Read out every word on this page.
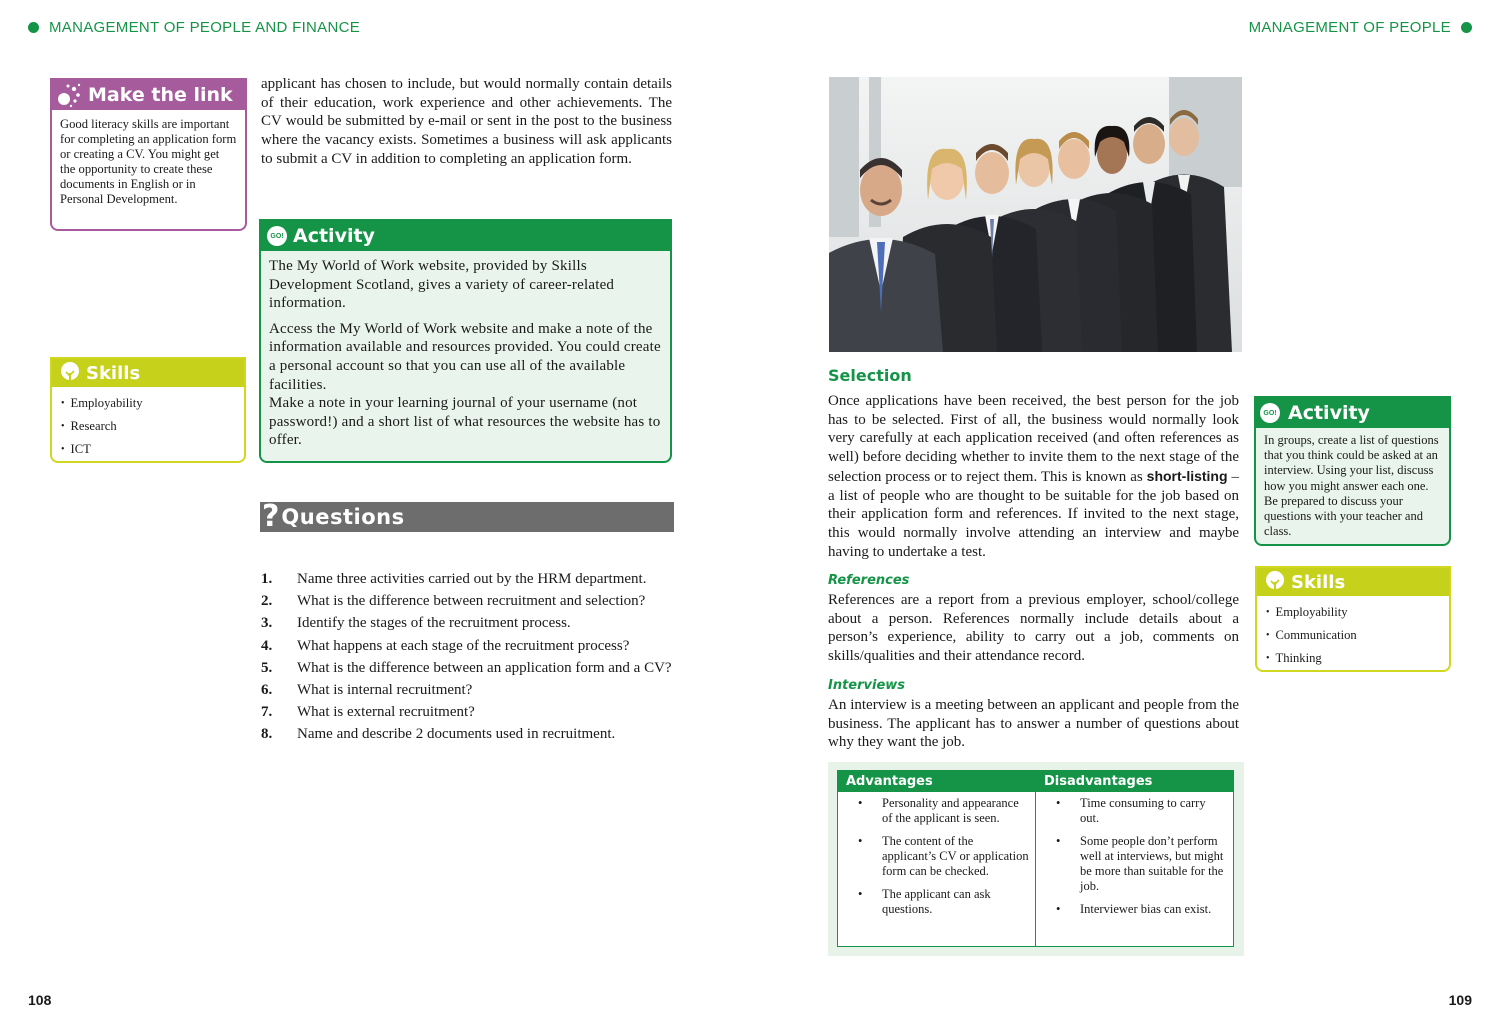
MANAGEMENT OF PEOPLE AND FINANCE	MANAGEMENT OF PEOPLE
Make the link
Good literacy skills are important for completing an application form or creating a CV. You might get the opportunity to create these documents in English or in Personal Development.
Skills
• Employability
• Research
• ICT

applicant has chosen to include, but would normally contain details of their education, work experience and other achievements. The CV would be submitted by e-mail or sent in the post to the business where the vacancy exists. Sometimes a business will ask applicants to submit a CV in addition to completing an application form.

GO! Activity

The My World of Work website, provided by Skills Development Scotland, gives a variety of career-related information.

Access the My World of Work website and make a note of the information available and resources provided. You could create a personal account so that you can use all of the available facilities.

Make a note in your learning journal of your username (not password!) and a short list of what resources the website has to offer.

? Questions
1.	Name three activities carried out by the HRM department.
2.	What is the difference between recruitment and selection?
3.	Identify the stages of the recruitment process.
4.	What happens at each stage of the recruitment process?
5.	What is the difference between an application form and a CV?
6.	What is internal recruitment?
7.	What is external recruitment?
8.	Name and describe 2 documents used in recruitment.
Selection

Once applications have been received, the best person for the job has to be selected. First of all, the business would normally look very carefully at each application received (and often references as well) before deciding whether to invite them to the next stage of the selection process or to reject them. This is known as short-listing – a list of people who are thought to be suitable for the job based on their application form and references. If invited to the next stage, this would normally involve attending an interview and maybe having to undertake a test.

References

References are a report from a previous employer, school/college about a person. References normally include details about a person’s experience, ability to carry out a job, comments on skills/qualities and their attendance record.

Interviews

An interview is a meeting between an applicant and people from the business. The applicant has to answer a number of questions about why they want the job.

GO! Activity
In groups, create a list of questions that you think could be asked at an interview. Using your list, discuss how you might answer each one. Be prepared to discuss your questions with your teacher and class.
Skills
• Employability
• Communication
• Thinking
Advantages
•	Personality and appearance of the applicant is seen.
•	The content of the applicant’s CV or application form can be checked.
•	The applicant can ask questions.
Disadvantages
•	Time consuming to carry out.
•	Some people don’t perform well at interviews, but might be more than suitable for the job.
•	Interviewer bias can exist.
108	109
